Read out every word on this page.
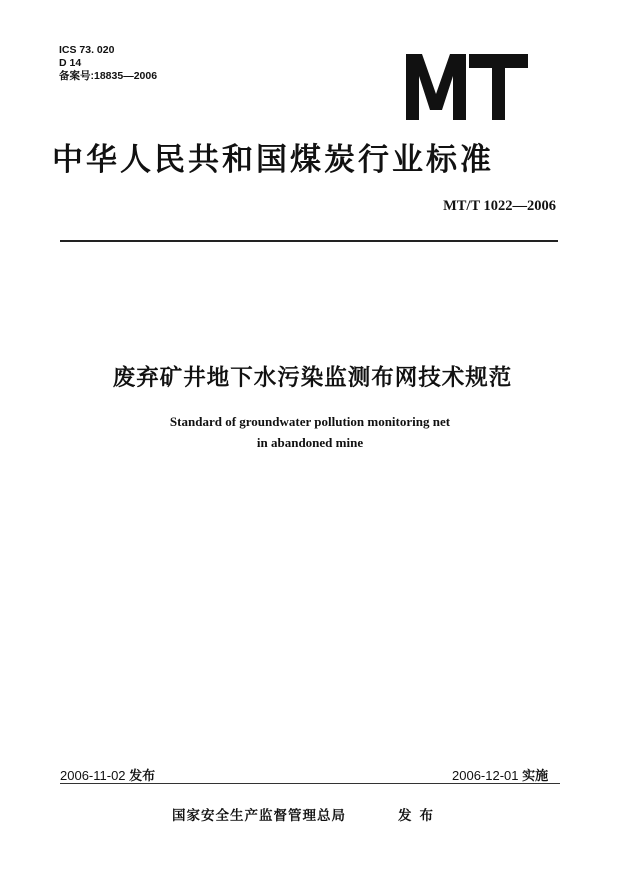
ICS 73. 020
D 14
备案号:18835—2006
中华人民共和国煤炭行业标准
MT/T 1022—2006
废弃矿井地下水污染监测布网技术规范
Standard of groundwater pollution monitoring net
in abandoned mine
2006-11-02 发布	2006-12-01 实施
国家安全生产监督管理总局	发布
